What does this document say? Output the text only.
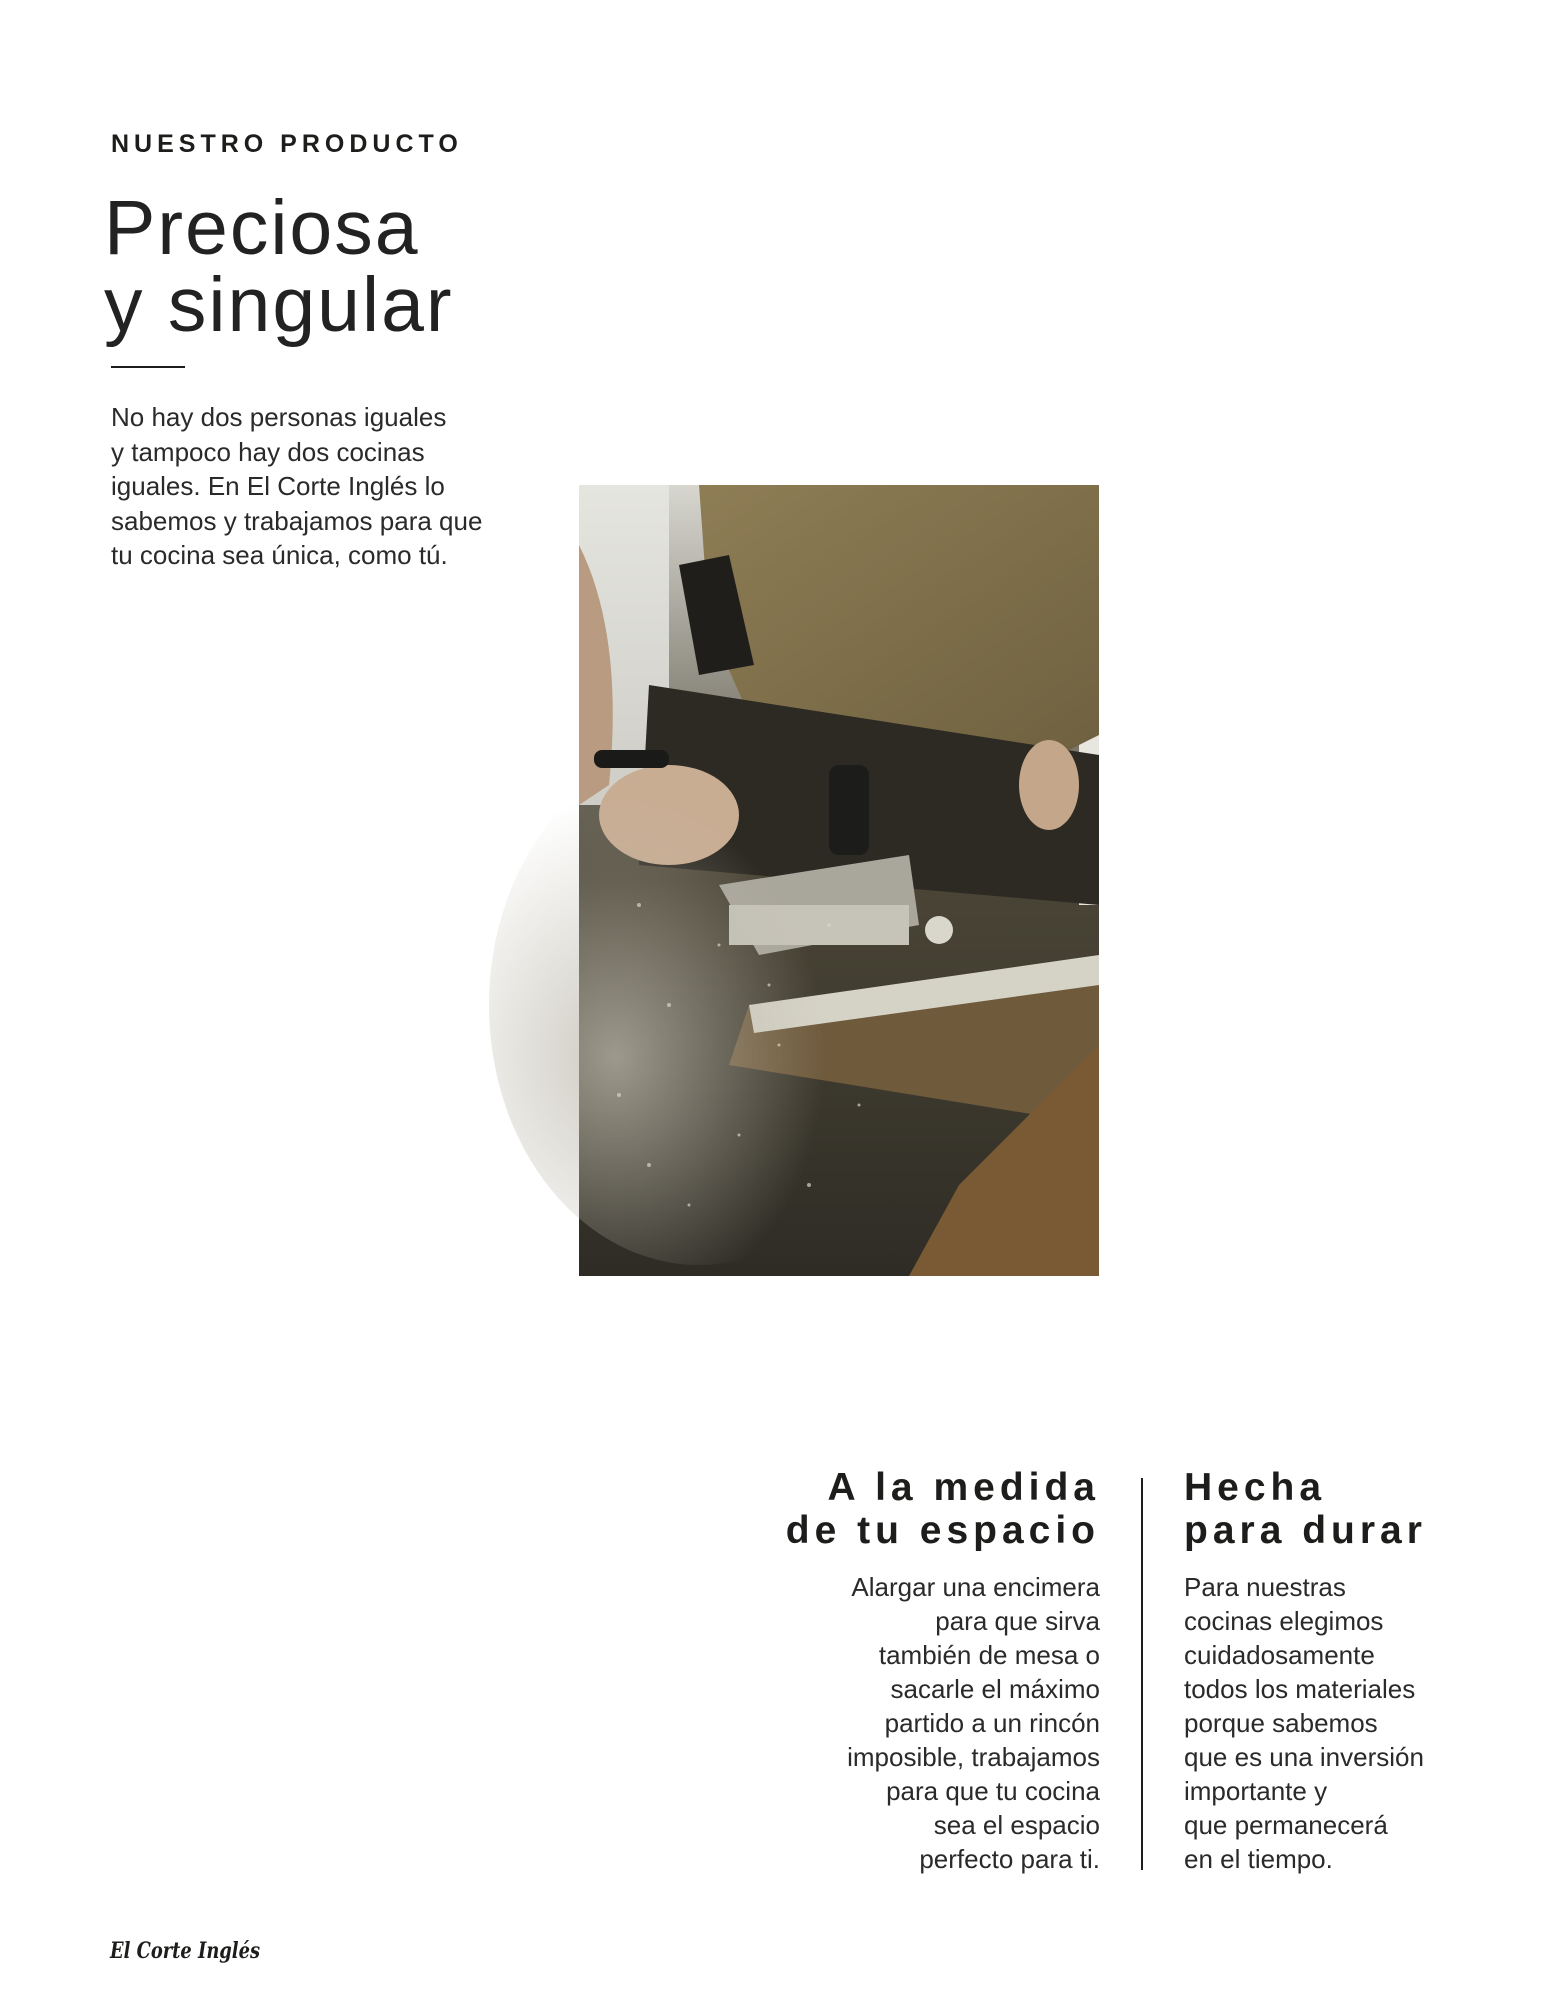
NUESTRO PRODUCTO
Preciosa
y singular

No hay dos personas iguales
y tampoco hay dos cocinas
iguales. En El Corte Inglés lo
sabemos y trabajamos para que
tu cocina sea única, como tú.

A la medida
de tu espacio

Alargar una encimera
para que sirva
también de mesa o
sacarle el máximo
partido a un rincón
imposible, trabajamos
para que tu cocina
sea el espacio
perfecto para ti.

Hecha
para durar

Para nuestras
cocinas elegimos
cuidadosamente
todos los materiales
porque sabemos
que es una inversión
importante y
que permanecerá
en el tiempo.

El Corte Inglés
